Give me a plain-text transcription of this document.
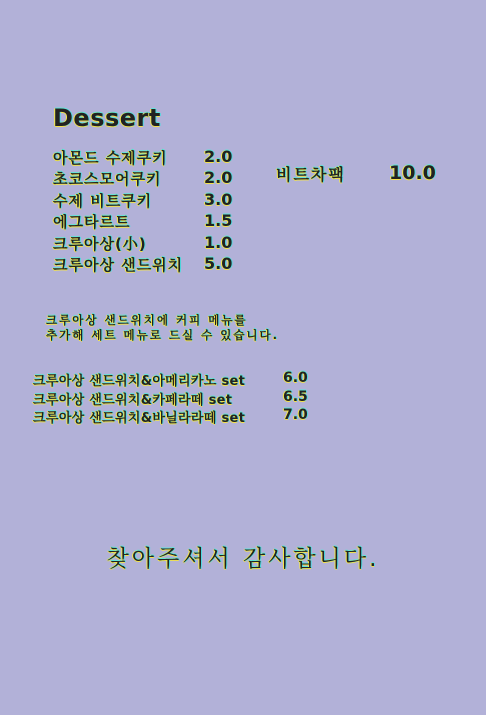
Dessert
아몬드 수제쿠키 2.0
초코스모어쿠키	2.0
수제 비트쿠키	3.0
에그타르트	1.5
크루아상(小)	1.0
크루아상 샌드위치 5.0
비트차팩 10.0
크루아상 샌드위치에 커피 메뉴를
추가해 세트 메뉴로 드실 수 있습니다.
크루아상 샌드위치&아메리카노 set	6.0
크루아상 샌드위치&카페라떼 set	6.5
크루아상 샌드위치&바닐라라떼 set	7.0
찾아주셔서 감사합니다.
